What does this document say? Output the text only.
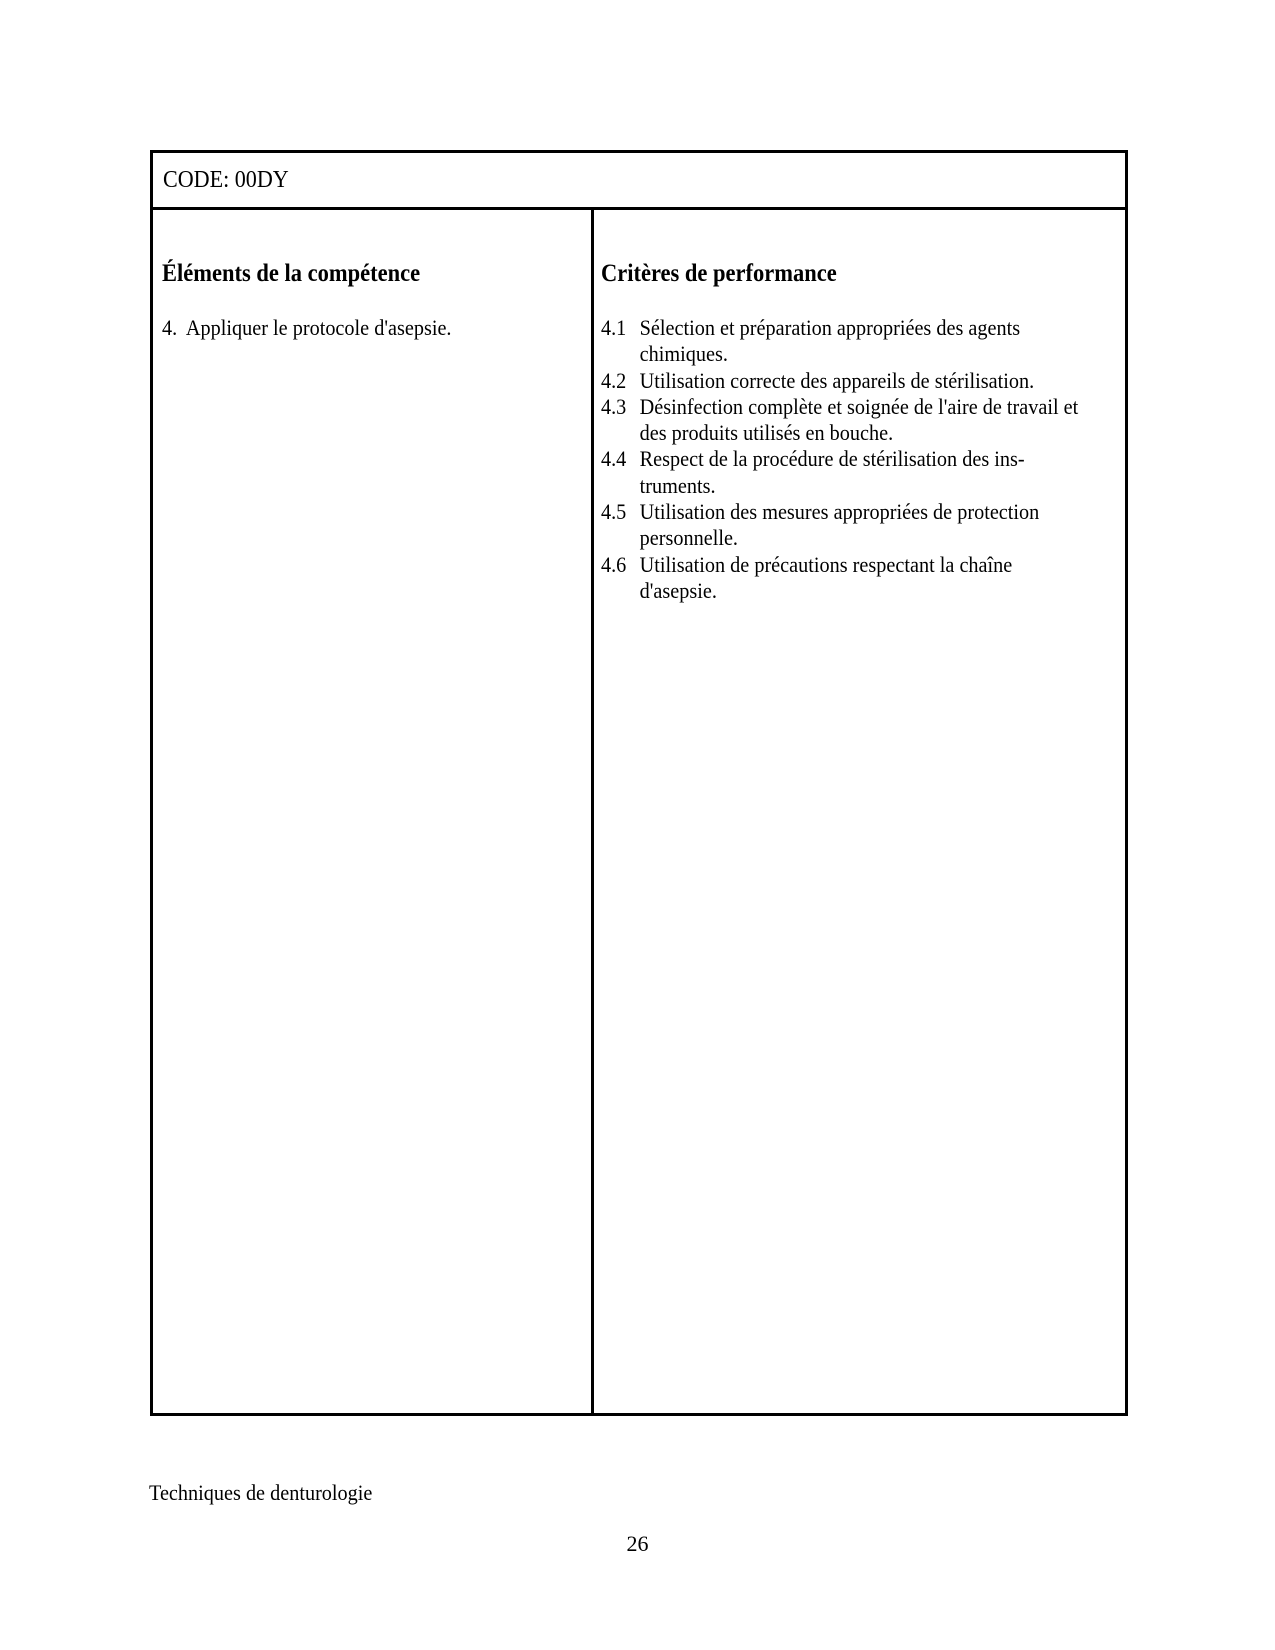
CODE: 00DY
Éléments de la compétence
4. Appliquer le protocole d'asepsie.
Critères de performance
4.1 Sélection et préparation appropriées des agents
chimiques.
4.2 Utilisation correcte des appareils de stérilisation.
4.3 Désinfection complète et soignée de l'aire de travail et
des produits utilisés en bouche.
4.4 Respect de la procédure de stérilisation des ins-
truments.
4.5 Utilisation des mesures appropriées de protection
personnelle.
4.6 Utilisation de précautions respectant la chaîne
d'asepsie.
Techniques de denturologie
26
